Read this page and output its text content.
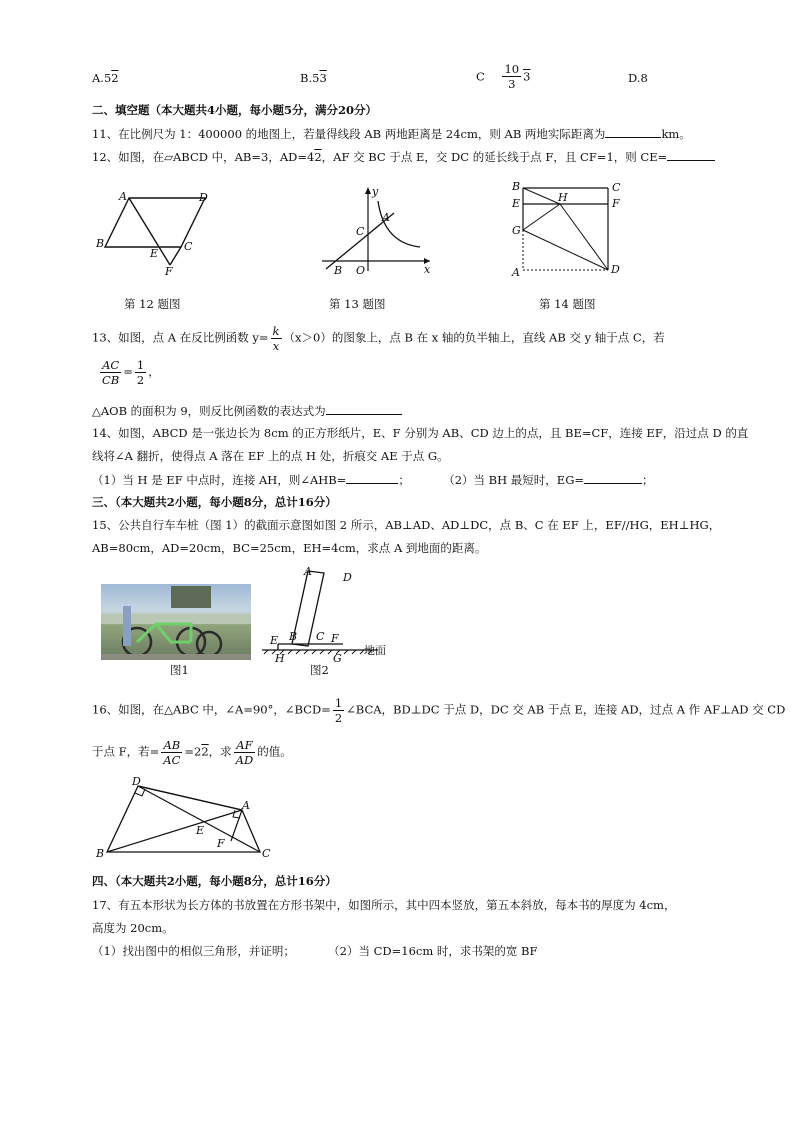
A.52	B.53	C $\frac{10}{3} 3$	D.8
二、填空题（本大题共4小题，每小题5分，满分20分）
11、在比例尺为 1：400000 的地图上，若量得线段 AB 两地距离是 24cm，则 AB 两地实际距离为	km。
12、如图，在▱ABCD 中，AB=3，AD=42，AF 交 BC 于点 E，交 DC 的延长线于点 F，且 CF=1，则 CE=
A	D
B
E
C
F
y
x
A
C
B O
B	C
E	F
H
G
A	D
第 12 题图	第 13 题图	第 14 题图
13、如图，点 A 在反比例函数 $y= \frac{k}{x} (x>0)$的图象上，点 B 在 x 轴的负半轴上，直线 AB 交 y 轴于点 C，若
$\frac{AC}{CB} = \frac{1}{2}$ ，
△AOB 的面积为 9，则反比例函数的表达式为
14、如图，ABCD 是一张边长为 8cm 的正方形纸片，E、F 分别为 AB、CD 边上的点，且 BE=CF，连接 EF，沿过点 D 的直
线将∠A 翻折，使得点 A 落在 EF 上的点 H 处，折痕交 AE 于点 G。
（1）当 H 是 EF 中点时，连接 AH，则∠AHB=	；	（2）当 BH 最短时，EG=	；
三、（本大题共2小题，每小题8分，总计16分）
15、公共自行车车桩（图 1）的截面示意图如图 2 所示，AB⊥AD、AD⊥DC，点 B、C 在 EF 上，EF//HG，EH⊥HG，
AB=80cm，AD=20cm，BC=25cm，EH=4cm，求点 A 到地面的距离。
图1
A	D
B C F
E
H	G
图2
地面
16、如图，在△ABC 中，∠A=90°，∠BCD= $\frac{1}{2}$ ∠BCA，BD⊥DC 于点 D，DC 交 AB 于点 E，连接 AD，过点 A 作 AF⊥AD 交 CD
于点 F，若= $\frac{AB}{AC} =22$，求 $\frac{AF}{AD}$ 的值。
D
A
B	C
E
F
四、（本大题共2小题，每小题8分，总计16分）
17、有五本形状为长方体的书放置在方形书架中，如图所示，其中四本竖放，第五本斜放，每本书的厚度为 4cm，
高度为 20cm。
（1）找出图中的相似三角形，并证明；	（2）当 CD=16cm 时，求书架的宽 BF
